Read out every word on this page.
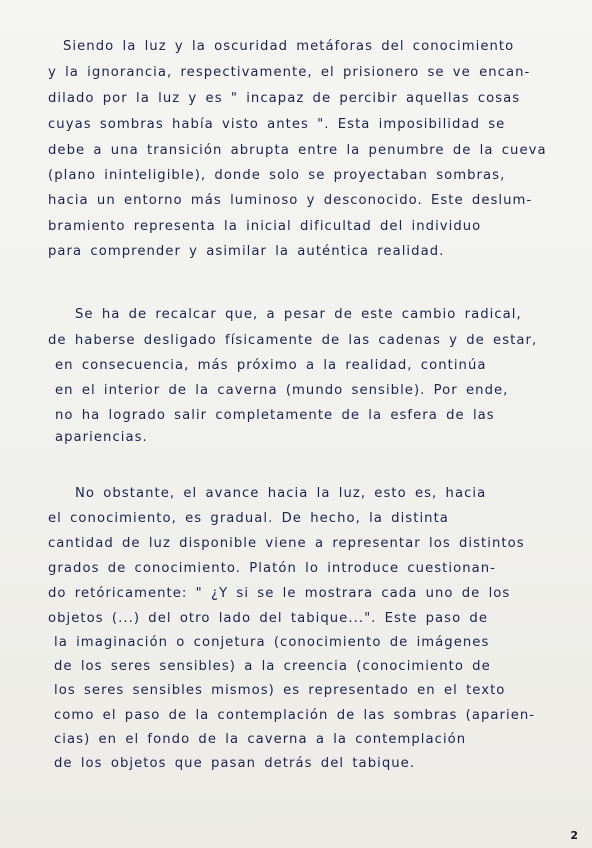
Siendo la luz y la oscuridad metáforas del conocimiento
y la ignorancia, respectivamente, el prisionero se ve encan-
dilado por la luz y es " incapaz de percibir aquellas cosas
cuyas sombras había visto antes ". Esta imposibilidad se
debe a una transición abrupta entre la penumbre de la cueva
(plano ininteligible), donde solo se proyectaban sombras,
hacia un entorno más luminoso y desconocido. Este deslum-
bramiento representa la inicial dificultad del individuo
para comprender y asimilar la auténtica realidad.
Se ha de recalcar que, a pesar de este cambio radical,
de haberse desligado físicamente de las cadenas y de estar,
en consecuencia, más próximo a la realidad, continúa
en el interior de la caverna (mundo sensible). Por ende,
no ha logrado salir completamente de la esfera de las
apariencias.
No obstante, el avance hacia la luz, esto es, hacia
el conocimiento, es gradual. De hecho, la distinta
cantidad de luz disponible viene a representar los distintos
grados de conocimiento. Platón lo introduce cuestionan-
do retóricamente: " ¿Y si se le mostrara cada uno de los
objetos (...) del otro lado del tabique...". Este paso de
la imaginación o conjetura (conocimiento de imágenes
de los seres sensibles) a la creencia (conocimiento de
los seres sensibles mismos) es representado en el texto
como el paso de la contemplación de las sombras (aparien-
cias) en el fondo de la caverna a la contemplación
de los objetos que pasan detrás del tabique.
2
